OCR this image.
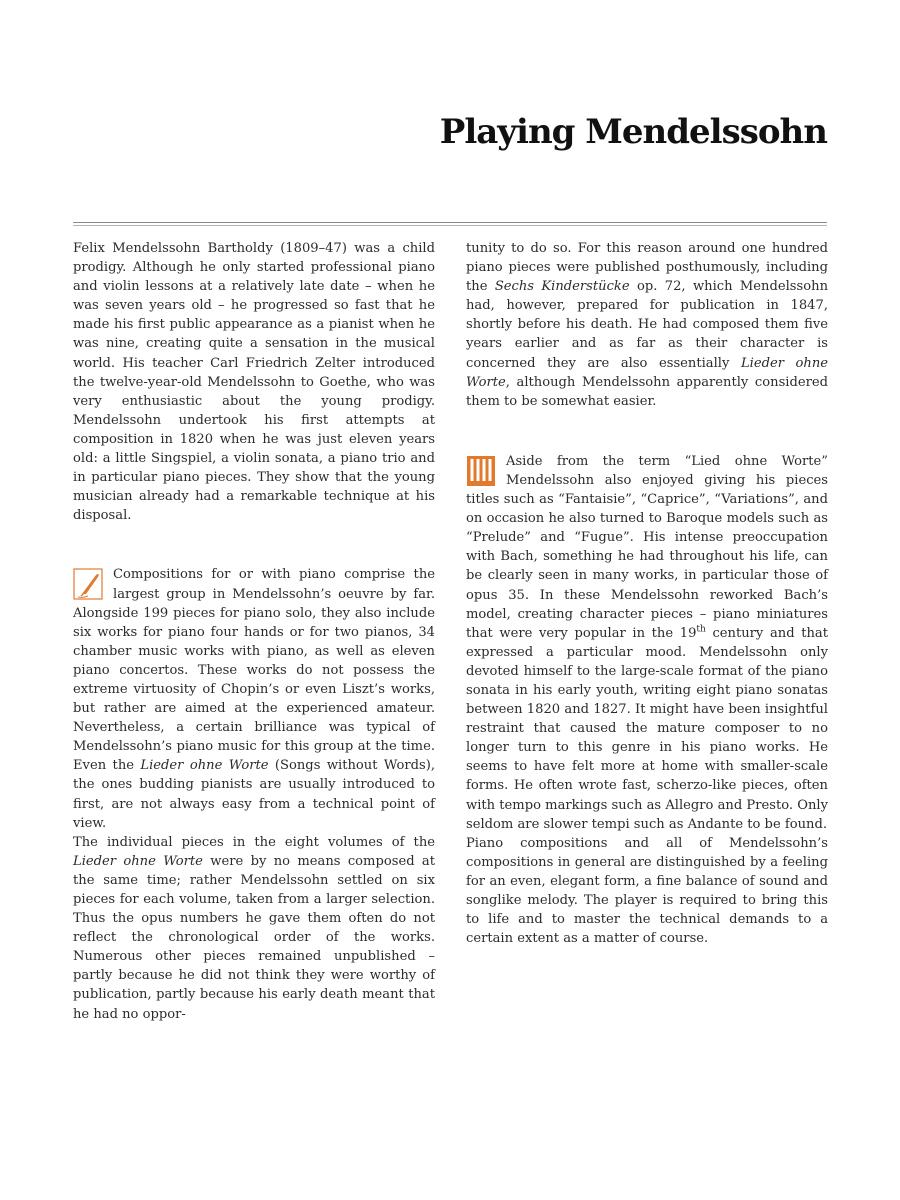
Playing Mendelssohn

Felix Mendelssohn Bartholdy (1809–47) was a child prodigy. Although he only started professional piano and violin lessons at a relatively late date – when he was seven years old – he progressed so fast that he made his first public appearance as a pianist when he was nine, creating quite a sensation in the musical world. His teacher Carl Friedrich Zelter introduced the twelve-year-old Mendelssohn to Goethe, who was very enthusiastic about the young prodigy. Mendelssohn undertook his first attempts at composition in 1820 when he was just eleven years old: a little Singspiel, a violin sonata, a piano trio and in particular piano pieces. They show that the young musician already had a remarkable technique at his disposal.

Compositions for or with piano comprise the largest group in Mendelssohn’s oeuvre by far. Alongside 199 pieces for piano solo, they also include six works for piano four hands or for two pianos, 34 chamber music works with piano, as well as eleven piano concertos. These works do not possess the extreme virtuosity of Chopin’s or even Liszt’s works, but rather are aimed at the experienced amateur. Nevertheless, a certain brilliance was typical of Mendelssohn’s piano music for this group at the time. Even the Lieder ohne Worte (Songs without Words), the ones budding pianists are usually introduced to first, are not always easy from a technical point of view.

The individual pieces in the eight volumes of the Lieder ohne Worte were by no means composed at the same time; rather Mendelssohn settled on six pieces for each volume, taken from a larger selection. Thus the opus numbers he gave them often do not reflect the chronological order of the works. Numerous other pieces remained unpublished – partly because he did not think they were worthy of publication, partly because his early death meant that he had no oppor-

tunity to do so. For this reason around one hundred piano pieces were published posthumously, including the Sechs Kinderstücke op. 72, which Mendelssohn had, however, prepared for publication in 1847, shortly before his death. He had composed them five years earlier and as far as their character is concerned they are also essentially Lieder ohne Worte, although Mendelssohn apparently considered them to be somewhat easier.

Aside from the term “Lied ohne Worte” Mendelssohn also enjoyed giving his pieces titles such as “Fantaisie”, “Caprice”, “Variations”, and on occasion he also turned to Baroque models such as “Prelude” and “Fugue”. His intense preoccupation with Bach, something he had throughout his life, can be clearly seen in many works, in particular those of opus 35. In these Mendelssohn reworked Bach’s model, creating character pieces – piano miniatures that were very popular in the 19th century and that expressed a particular mood. Mendelssohn only devoted himself to the large-scale format of the piano sonata in his early youth, writing eight piano sonatas between 1820 and 1827. It might have been insightful restraint that caused the mature composer to no longer turn to this genre in his piano works. He seems to have felt more at home with smaller-scale forms. He often wrote fast, scherzo-like pieces, often with tempo markings such as Allegro and Presto. Only seldom are slower tempi such as Andante to be found.

Piano compositions and all of Mendelssohn’s compositions in general are distinguished by a feeling for an even, elegant form, a fine balance of sound and songlike melody. The player is required to bring this to life and to master the technical demands to a certain extent as a matter of course.
